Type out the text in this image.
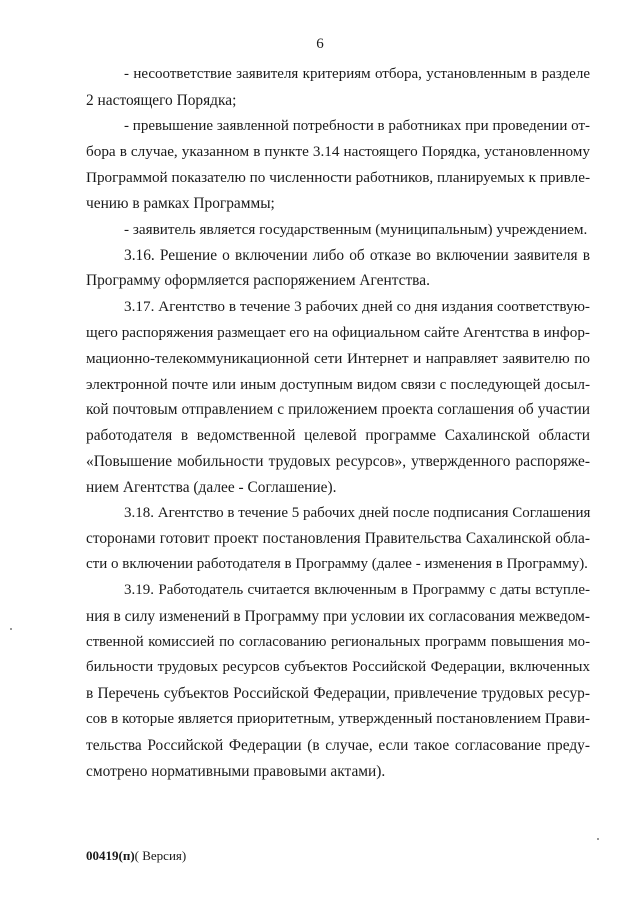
6
- несоответствие заявителя критериям отбора, установленным в разделе
2 настоящего Порядка;
- превышение заявленной потребности в работниках при проведении от-
бора в случае, указанном в пункте 3.14 настоящего Порядка, установленному
Программой показателю по численности работников, планируемых к привле-
чению в рамках Программы;
- заявитель является государственным (муниципальным) учреждением.
3.16. Решение о включении либо об отказе во включении заявителя в
Программу оформляется распоряжением Агентства.
3.17. Агентство в течение 3 рабочих дней со дня издания соответствую-
щего распоряжения размещает его на официальном сайте Агентства в инфор-
мационно-телекоммуникационной сети Интернет и направляет заявителю по
электронной почте или иным доступным видом связи с последующей досыл-
кой почтовым отправлением с приложением проекта соглашения об участии
работодателя в ведомственной целевой программе Сахалинской области
«Повышение мобильности трудовых ресурсов», утвержденного распоряже-
нием Агентства (далее - Соглашение).
3.18. Агентство в течение 5 рабочих дней после подписания Соглашения
сторонами готовит проект постановления Правительства Сахалинской обла-
сти о включении работодателя в Программу (далее - изменения в Программу).
3.19. Работодатель считается включенным в Программу с даты вступле-
ния в силу изменений в Программу при условии их согласования межведом-
ственной комиссией по согласованию региональных программ повышения мо-
бильности трудовых ресурсов субъектов Российской Федерации, включенных
в Перечень субъектов Российской Федерации, привлечение трудовых ресур-
сов в которые является приоритетным, утвержденный постановлением Прави-
тельства Российской Федерации (в случае, если такое согласование преду-
смотрено нормативными правовыми актами).
00419(п)( Версия)
